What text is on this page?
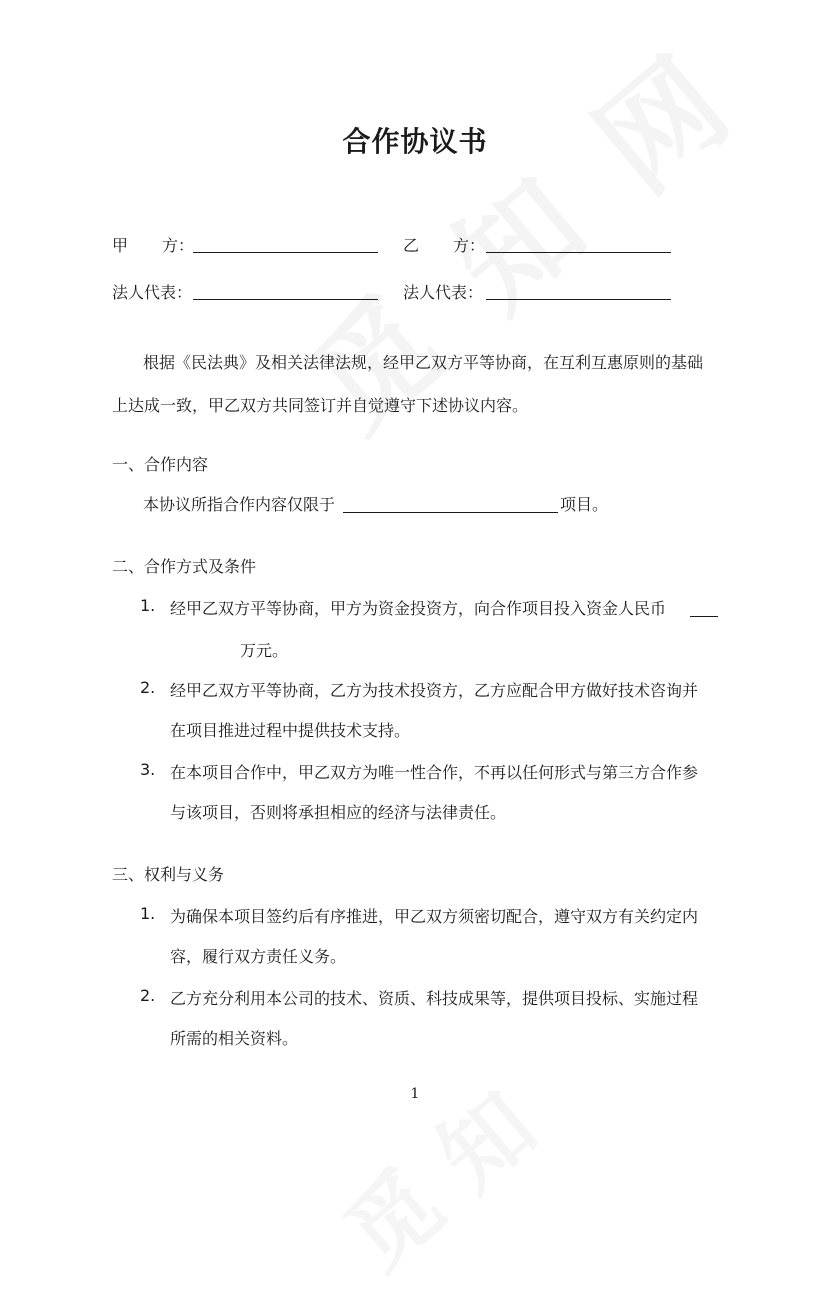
合作协议书
甲 方：	乙 方：
法人代表：	法人代表：
根据《民法典》及相关法律法规，经甲乙双方平等协商，在互利互惠原则的基础
上达成一致，甲乙双方共同签订并自觉遵守下述协议内容。
一、合作内容
本协议所指合作内容仅限于	项目。
二、合作方式及条件
1. 经甲乙双方平等协商，甲方为资金投资方，向合作项目投入资金人民币
万元。
2. 经甲乙双方平等协商，乙方为技术投资方，乙方应配合甲方做好技术咨询并
在项目推进过程中提供技术支持。
3. 在本项目合作中，甲乙双方为唯一性合作，不再以任何形式与第三方合作参
与该项目，否则将承担相应的经济与法律责任。
三、权利与义务
1. 为确保本项目签约后有序推进，甲乙双方须密切配合，遵守双方有关约定内
容，履行双方责任义务。
2. 乙方充分利用本公司的技术、资质、科技成果等，提供项目投标、实施过程
所需的相关资料。
1
